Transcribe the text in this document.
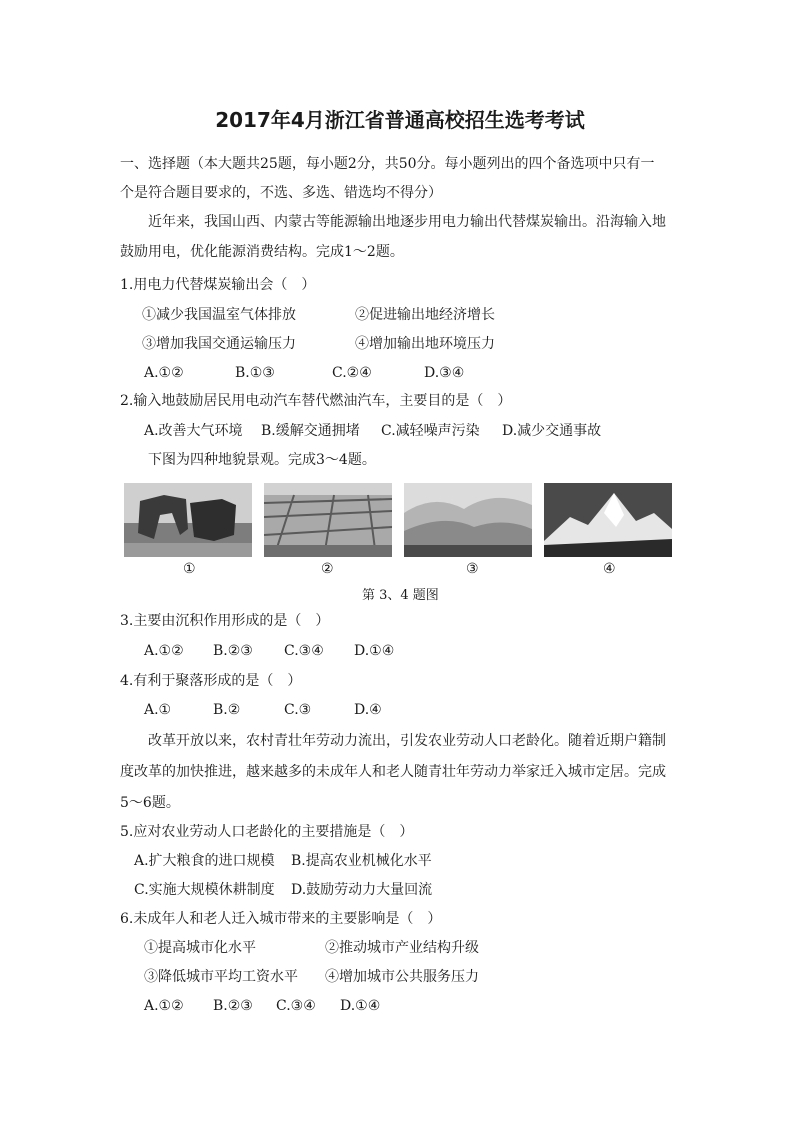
2017年4月浙江省普通高校招生选考考试
一、选择题（本大题共25题，每小题2分，共50分。每小题列出的四个备选项中只有一
个是符合题目要求的，不选、多选、错选均不得分）
近年来，我国山西、内蒙古等能源输出地逐步用电力输出代替煤炭输出。沿海输入地
鼓励用电，优化能源消费结构。完成1～2题。
1.用电力代替煤炭输出会（　）
①减少我国温室气体排放	②促进输出地经济增长
③增加我国交通运输压力	④增加输出地环境压力
A.①②	B.①③	C.②④	D.③④
2.输入地鼓励居民用电动汽车替代燃油汽车，主要目的是（　）
A.改善大气环境 B.缓解交通拥堵 C.减轻噪声污染 D.减少交通事故
下图为四种地貌景观。完成3～4题。
①	②	③	④
第 3、4 题图
3.主要由沉积作用形成的是（　）
A.①② B.②③ C.③④ D.①④
4.有利于聚落形成的是（　）
A.①	B.②	C.③	D.④
改革开放以来，农村青壮年劳动力流出，引发农业劳动人口老龄化。随着近期户籍制
度改革的加快推进，越来越多的未成年人和老人随青壮年劳动力举家迁入城市定居。完成
5～6题。
5.应对农业劳动人口老龄化的主要措施是（　）
A.扩大粮食的进口规模 B.提高农业机械化水平
C.实施大规模休耕制度 D.鼓励劳动力大量回流
6.未成年人和老人迁入城市带来的主要影响是（　）
①提高城市化水平	②推动城市产业结构升级
③降低城市平均工资水平 ④增加城市公共服务压力
A.①② B.②③ C.③④ D.①④
